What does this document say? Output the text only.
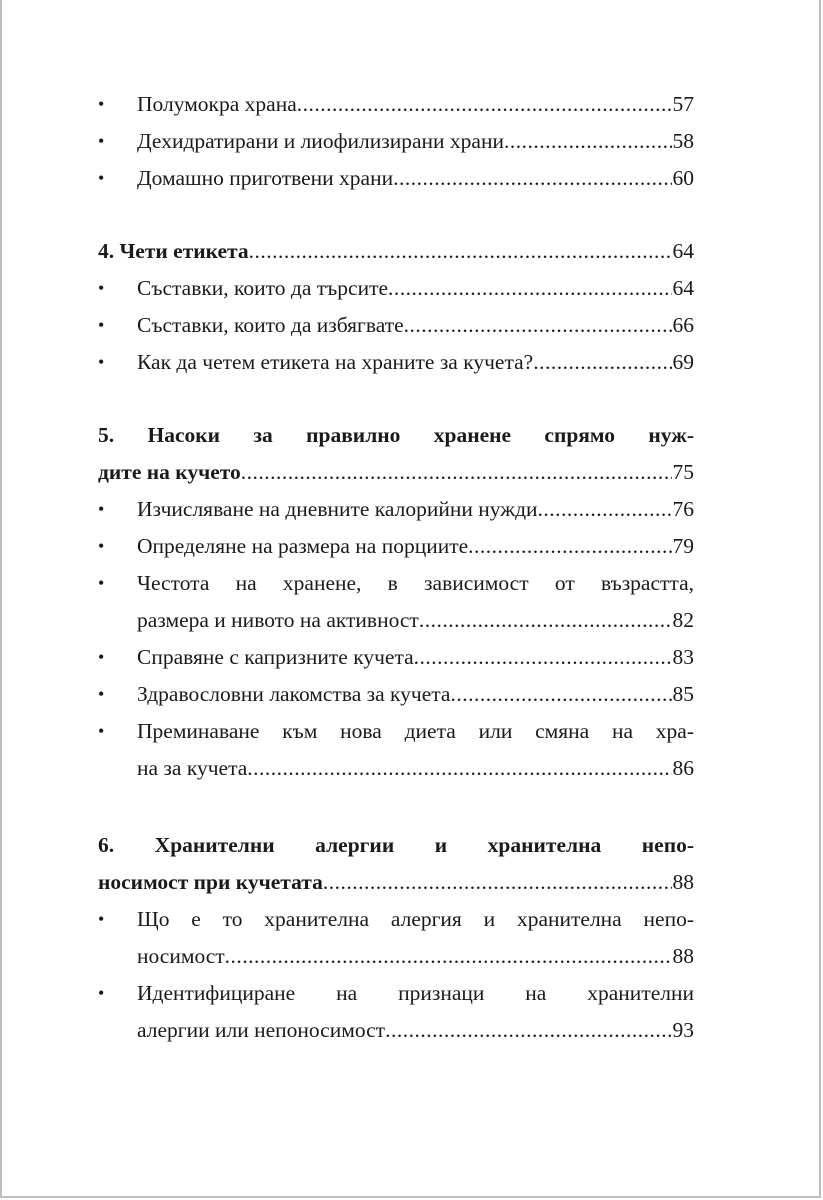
•
Полумокра храна .....	57
•
Дехидратирани и лиофилизирани храни .....	58
•
Домашно приготвени храни .....	60
4. Чети етикета .....	64
•
Съставки, които да търсите .....	64
•
Съставки, които да избягвате .....	66
•
Как да четем етикета на храните за кучета? .....	69
5. Насоки за правилно хранене спрямо нуж-
дите на кучето .....	75
•
Изчисляване на дневните калорийни нужди .....	76
•
Определяне на размера на порциите .....	79
•
Честота на хранене, в зависимост от възрастта,
размера и нивото на активност .....	82
•
Справяне с капризните кучета .....	83
•
Здравословни лакомства за кучета .....	85
•
Преминаване към нова диета или смяна на хра-
на за кучета .....	86
6. Хранителни алергии и хранителна непо-
носимост при кучетата .....	88
•
Що е то хранителна алергия и хранителна непо-
носимост .....	88
•
Идентифициране на признаци на хранителни
алергии или непоносимост .....	93
